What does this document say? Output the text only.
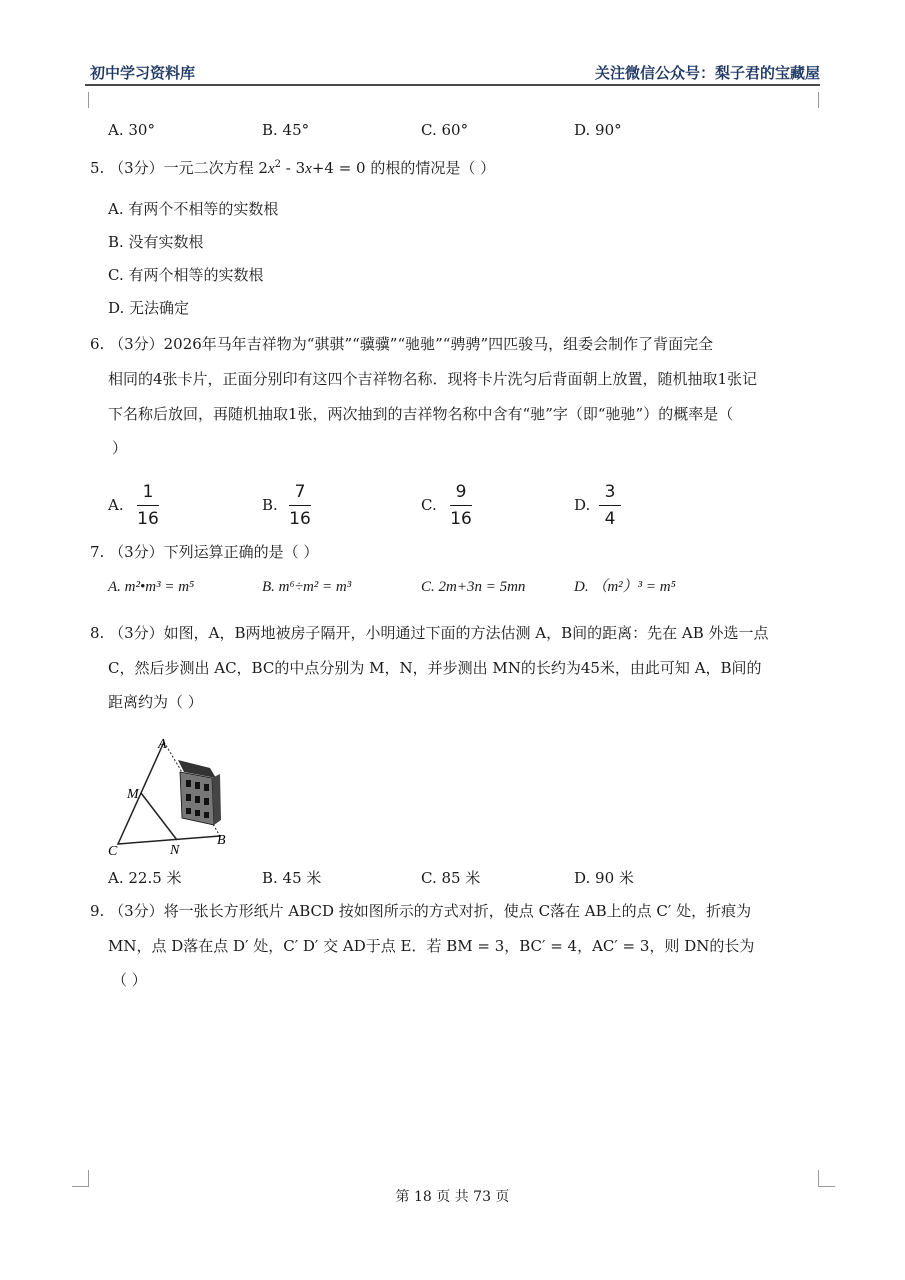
初中学习资料库	关注微信公众号：梨子君的宝藏屋
A. 30°	B. 45°	C. 60°	D. 90°
5. （3分）一元二次方程 $2x^2 - 3x+4 = 0$ 的根的情况是（ ）
A. 有两个不相等的实数根
B. 没有实数根
C. 有两个相等的实数根
D. 无法确定
6. （3分）2026年马年吉祥物为“骐骐”“骥骥”“驰驰”“骋骋”四匹骏马，组委会制作了背面完全
相同的4张卡片，正面分别印有这四个吉祥物名称．现将卡片洗匀后背面朝上放置，随机抽取1张记
下名称后放回，再随机抽取1张，两次抽到的吉祥物名称中含有“驰”字（即“驰驰”）的概率是（
）
A.
1
16
B.
7
16
C.
9
16
D.
3
4
7. （3分）下列运算正确的是（ ）
A. m²•m³ = m⁵	B. m⁶÷m² = m³	C. 2m+3n = 5mn	D. （m²）³ = m⁵
8. （3分）如图，A，B两地被房子隔开，小明通过下面的方法估测 A，B间的距离：先在 AB 外选一点
C，然后步测出 AC，BC的中点分别为 M，N，并步测出 MN的长约为45米，由此可知 A，B间的
距离约为（ ）
A
M
C	N
B
A. 22.5 米	B. 45 米	C. 85 米	D. 90 米
9. （3分）将一张长方形纸片 ABCD 按如图所示的方式对折，使点 C落在 AB上的点 C′ 处，折痕为
MN，点 D落在点 D′ 处，C′ D′ 交 AD于点 E．若 BM = 3，BC′ = 4，AC′ = 3，则 DN的长为
（ ）
第 18 页 共 73 页
